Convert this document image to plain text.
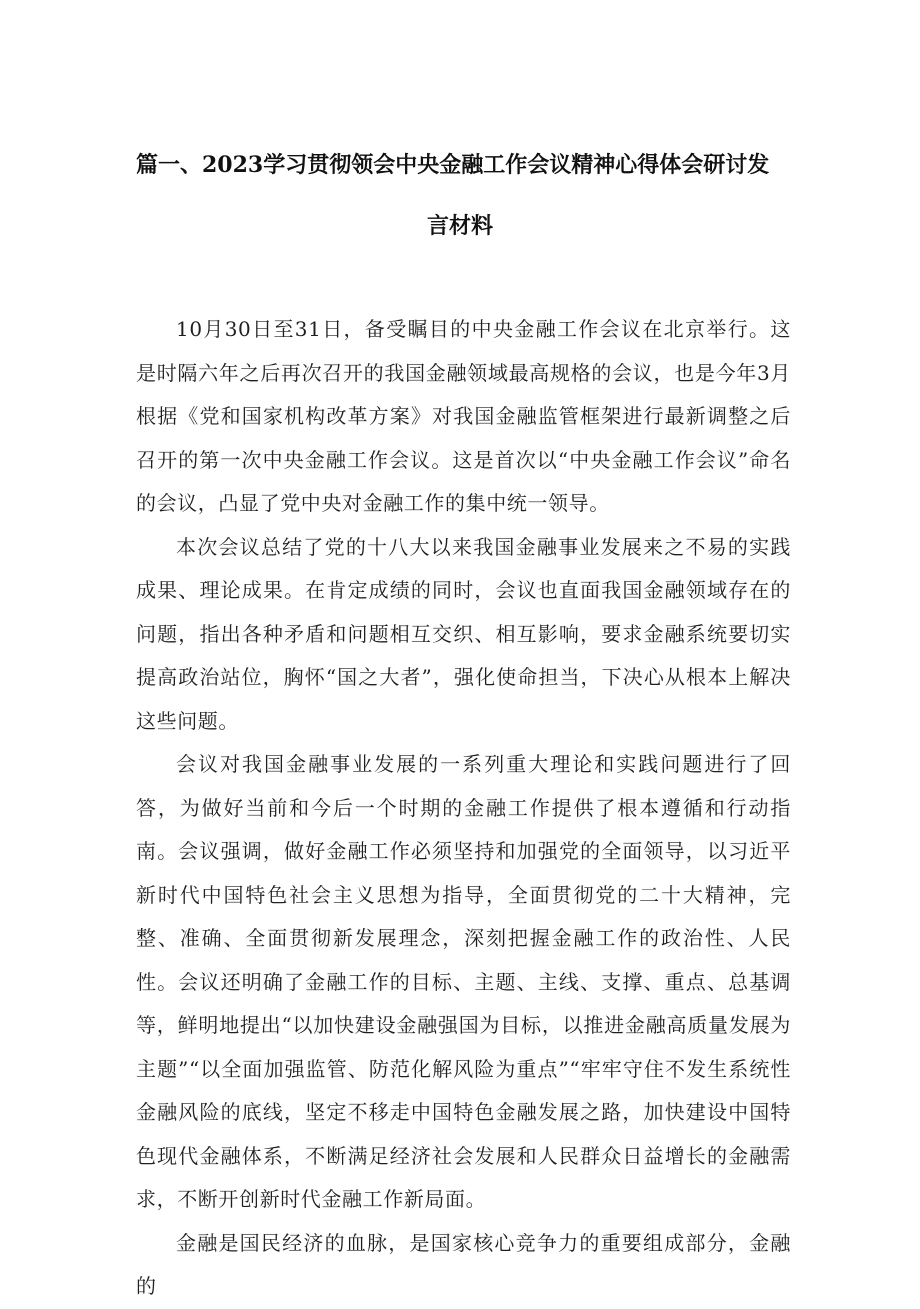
篇一、2023学习贯彻领会中央金融工作会议精神心得体会研讨发
言材料

10月30日至31日，备受瞩目的中央金融工作会议在北京举行。这是时隔六年之后再次召开的我国金融领域最高规格的会议，也是今年3月根据《党和国家机构改革方案》对我国金融监管框架进行最新调整之后召开的第一次中央金融工作会议。这是首次以“中央金融工作会议”命名的会议，凸显了党中央对金融工作的集中统一领导。

本次会议总结了党的十八大以来我国金融事业发展来之不易的实践成果、理论成果。在肯定成绩的同时，会议也直面我国金融领域存在的问题，指出各种矛盾和问题相互交织、相互影响，要求金融系统要切实提高政治站位，胸怀“国之大者”，强化使命担当，下决心从根本上解决这些问题。

会议对我国金融事业发展的一系列重大理论和实践问题进行了回答，为做好当前和今后一个时期的金融工作提供了根本遵循和行动指南。会议强调，做好金融工作必须坚持和加强党的全面领导，以习近平新时代中国特色社会主义思想为指导，全面贯彻党的二十大精神，完整、准确、全面贯彻新发展理念，深刻把握金融工作的政治性、人民性。会议还明确了金融工作的目标、主题、主线、支撑、重点、总基调等，鲜明地提出“以加快建设金融强国为目标，以推进金融高质量发展为主题”“以全面加强监管、防范化解风险为重点”“牢牢守住不发生系统性金融风险的底线，坚定不移走中国特色金融发展之路，加快建设中国特色现代金融体系，不断满足经济社会发展和人民群众日益增长的金融需求，不断开创新时代金融工作新局面。

金融是国民经济的血脉，是国家核心竞争力的重要组成部分，金融的
